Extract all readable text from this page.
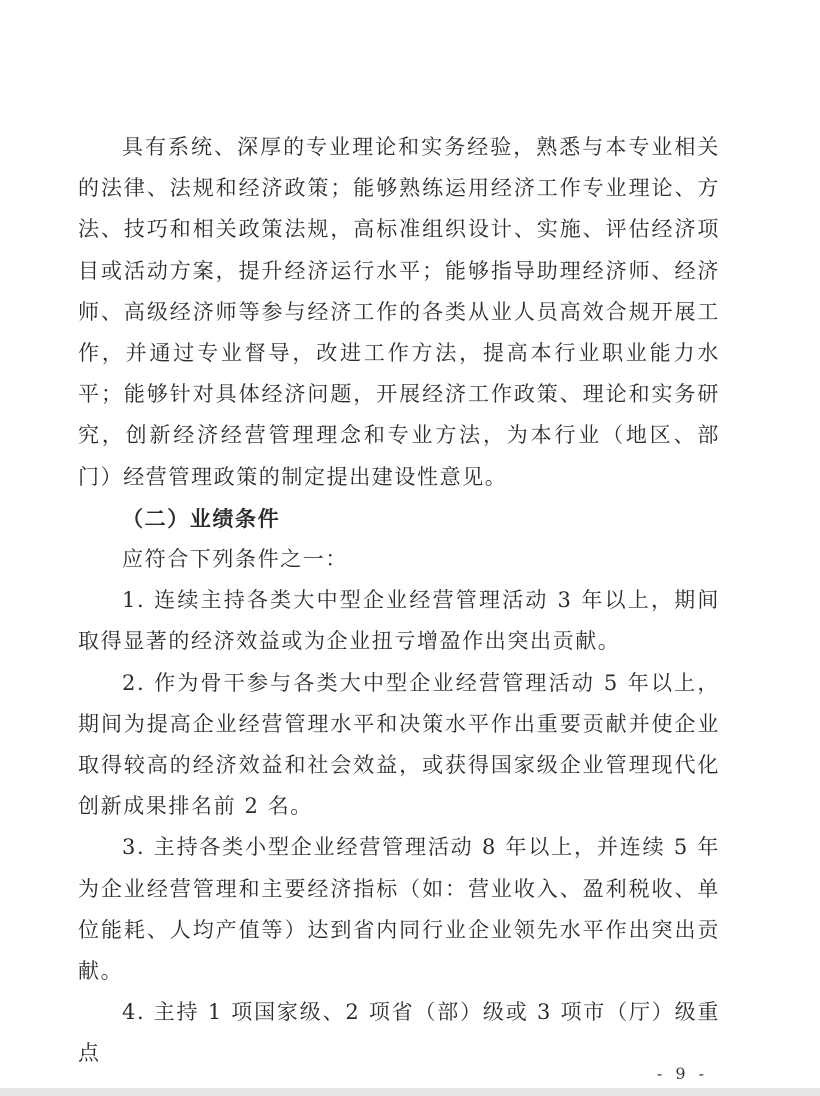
具有系统、深厚的专业理论和实务经验，熟悉与本专业相关的法律、法规和经济政策；能够熟练运用经济工作专业理论、方法、技巧和相关政策法规，高标准组织设计、实施、评估经济项目或活动方案，提升经济运行水平；能够指导助理经济师、经济师、高级经济师等参与经济工作的各类从业人员高效合规开展工作，并通过专业督导，改进工作方法，提高本行业职业能力水平；能够针对具体经济问题，开展经济工作政策、理论和实务研究，创新经济经营管理理念和专业方法，为本行业（地区、部门）经营管理政策的制定提出建设性意见。

（二）业绩条件

应符合下列条件之一：

1. 连续主持各类大中型企业经营管理活动 3 年以上，期间取得显著的经济效益或为企业扭亏增盈作出突出贡献。

2. 作为骨干参与各类大中型企业经营管理活动 5 年以上，期间为提高企业经营管理水平和决策水平作出重要贡献并使企业取得较高的经济效益和社会效益，或获得国家级企业管理现代化创新成果排名前 2 名。

3. 主持各类小型企业经营管理活动 8 年以上，并连续 5 年为企业经营管理和主要经济指标（如：营业收入、盈利税收、单位能耗、人均产值等）达到省内同行业企业领先水平作出突出贡献。

4. 主持 1 项国家级、2 项省（部）级或 3 项市（厅）级重点

- 9 -
